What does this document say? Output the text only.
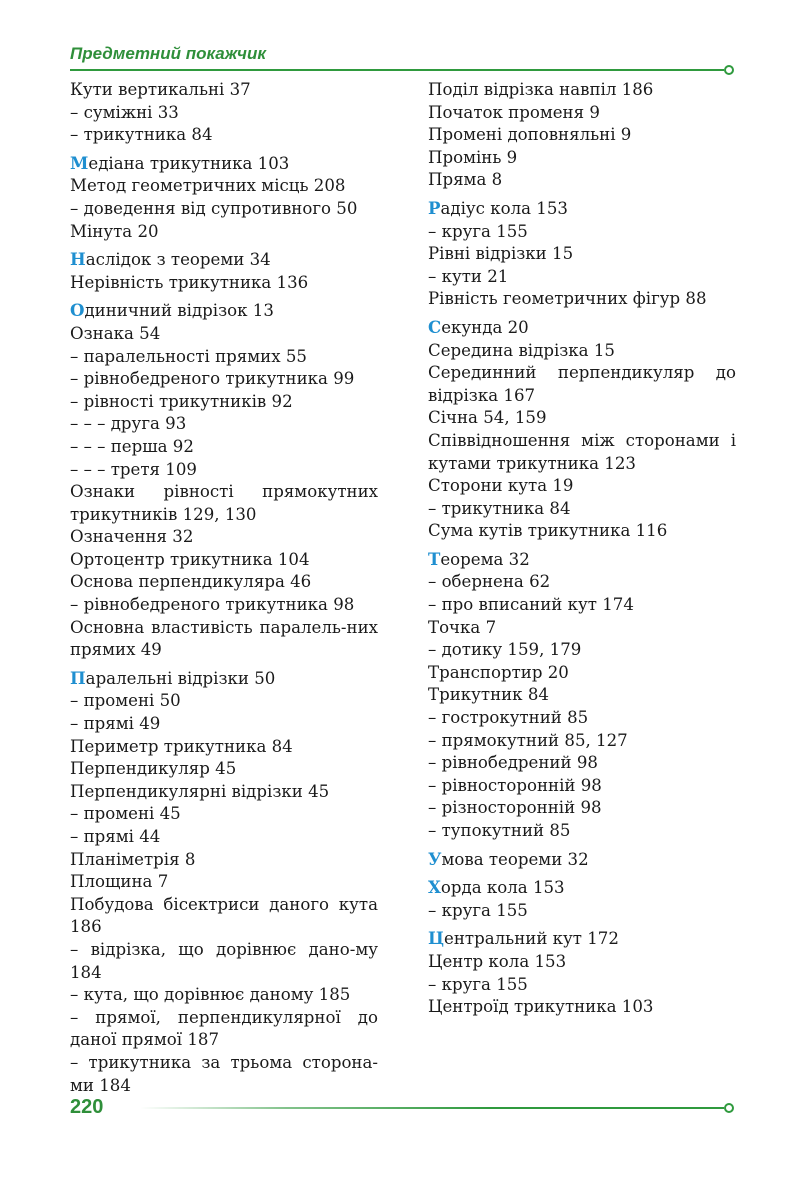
Предметний покажчик
Кути вертикальні 37
– суміжні 33
– трикутника 84
Медіана трикутника 103
Метод геометричних місць 208
– доведення від супротивного 50
Мінута 20
Наслідок з теореми 34
Нерівність трикутника 136
Одиничний відрізок 13
Ознака 54
– паралельності прямих 55
– рівнобедреного трикутника 99
– рівності трикутників 92
– – – друга 93
– – – перша 92
– – – третя 109
Ознаки рівності прямокутних трикутників 129, 130
Означення 32
Ортоцентр трикутника 104
Основа перпендикуляра 46
– рівнобедреного трикутника 98
Основна властивість паралель-них прямих 49
Паралельні відрізки 50
– промені 50
– прямі 49
Периметр трикутника 84
Перпендикуляр 45
Перпендикулярні відрізки 45
– промені 45
– прямі 44
Планіметрія 8
Площина 7
Побудова бісектриси даного кута 186
– відрізка, що дорівнює дано-му 184
– кута, що дорівнює даному 185
– прямої, перпендикулярної до даної прямої 187
– трикутника за трьома сторона-ми 184
Поділ відрізка навпіл 186
Початок променя 9
Промені доповняльні 9
Промінь 9
Пряма 8
Радіус кола 153
– круга 155
Рівні відрізки 15
– кути 21
Рівність геометричних фігур 88
Секунда 20
Середина відрізка 15
Серединний перпендикуляр до відрізка 167
Січна 54, 159
Співвідношення між сторонами і кутами трикутника 123
Сторони кута 19
– трикутника 84
Сума кутів трикутника 116
Теорема 32
– обернена 62
– про вписаний кут 174
Точка 7
– дотику 159, 179
Транспортир 20
Трикутник 84
– гострокутний 85
– прямокутний 85, 127
– рівнобедрений 98
– рівносторонній 98
– різносторонній 98
– тупокутний 85
Умова теореми 32
Хорда кола 153
– круга 155
Центральний кут 172
Центр кола 153
– круга 155
Центроїд трикутника 103
220
